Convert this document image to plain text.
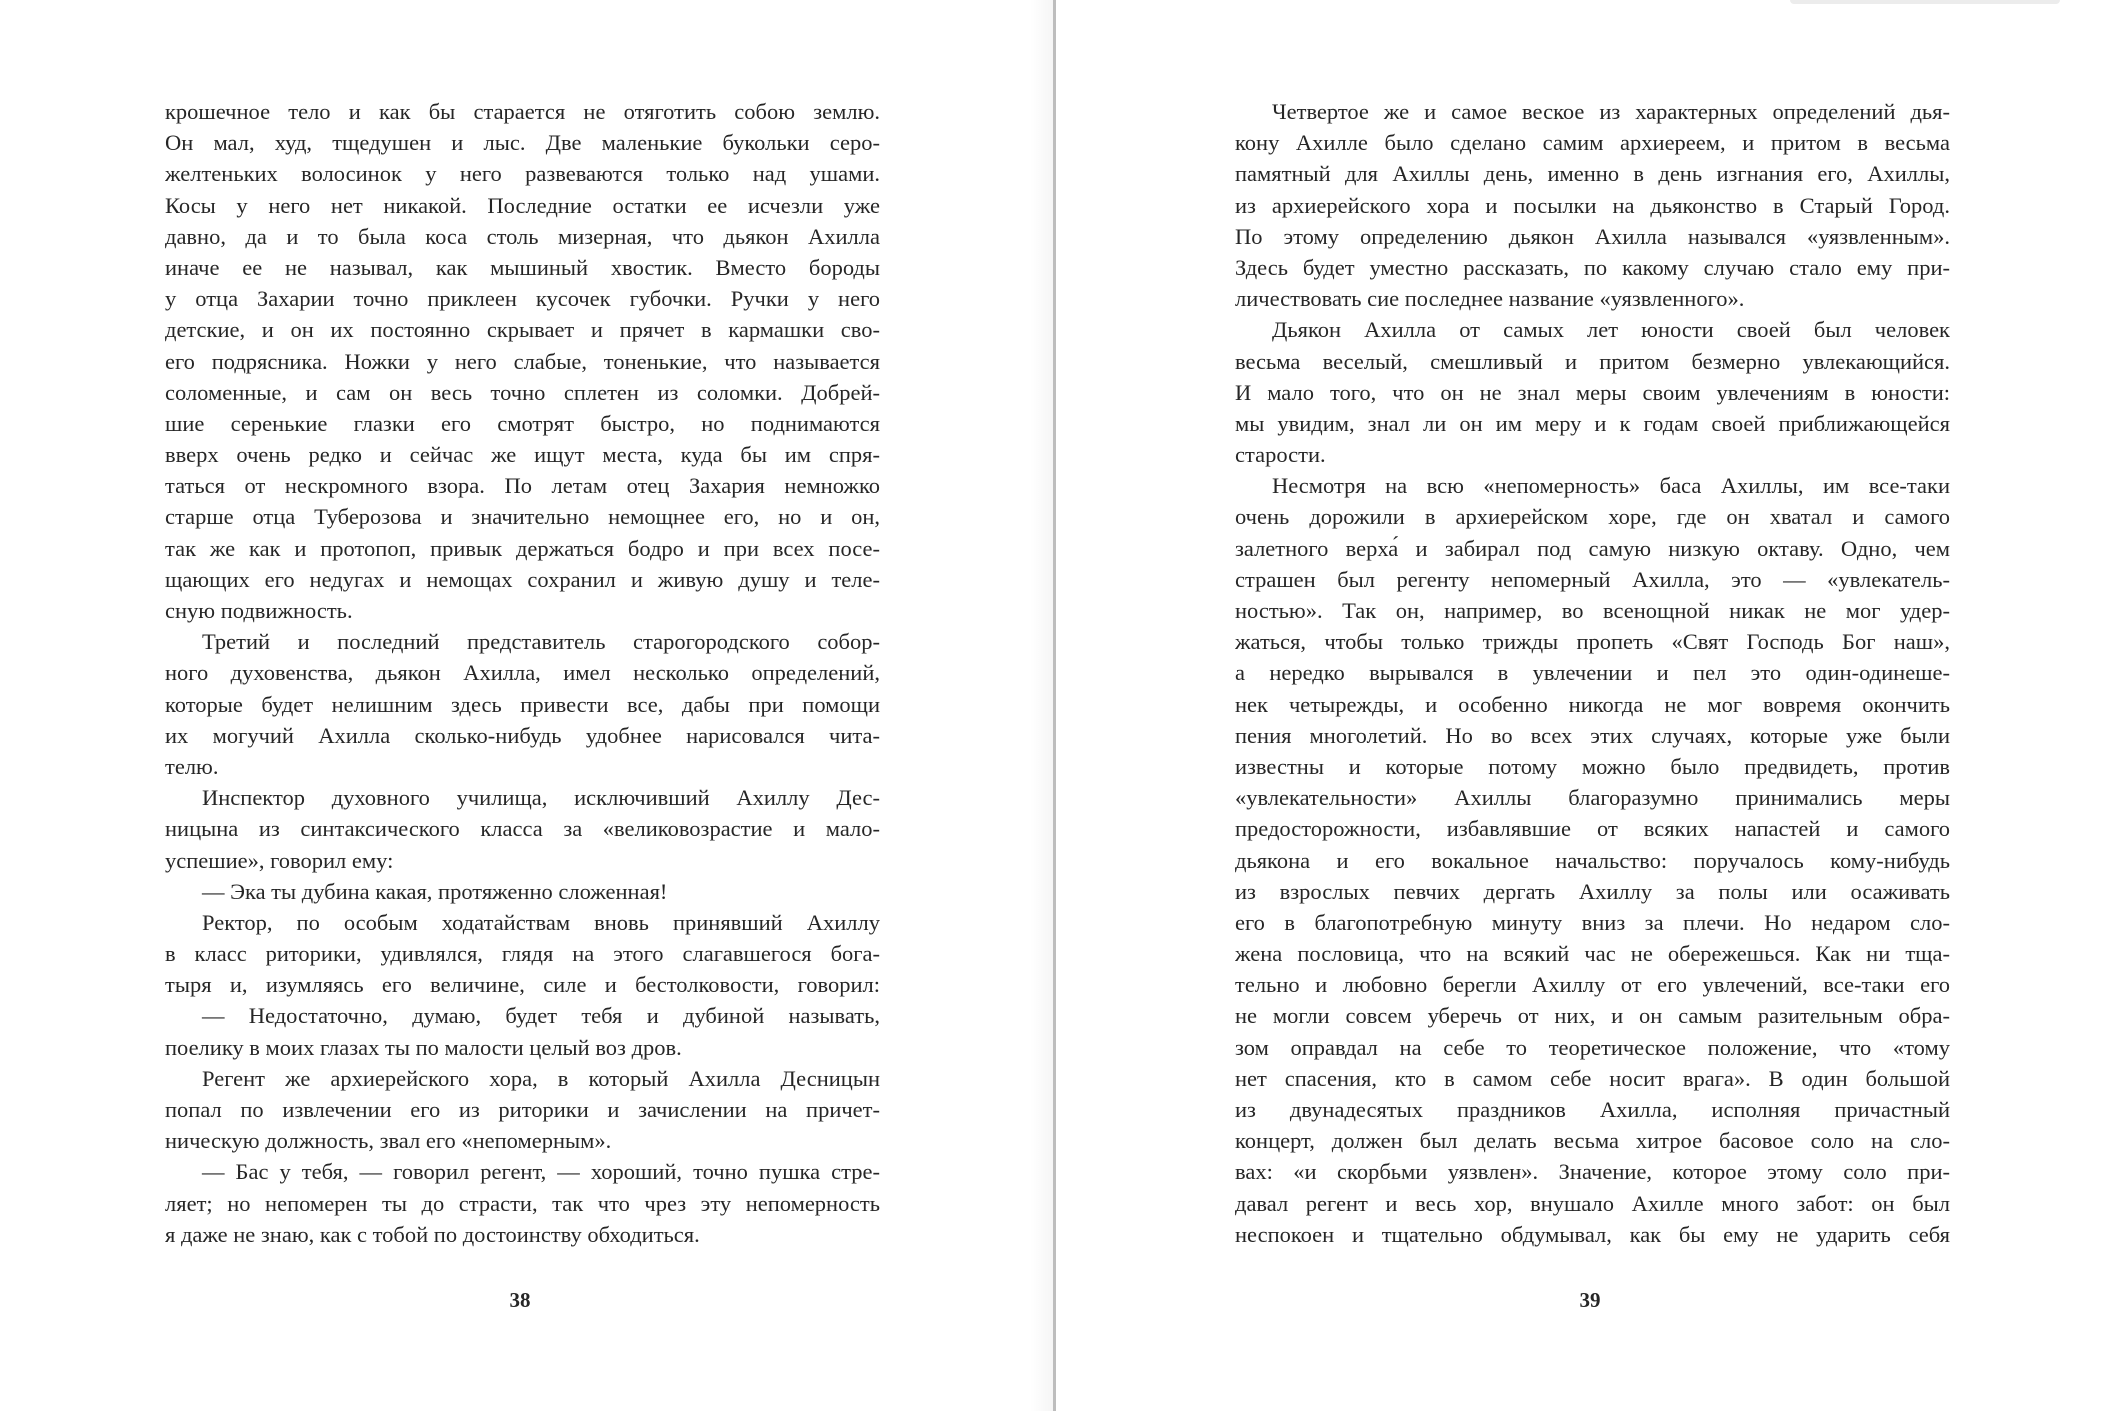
крошечное тело и как бы старается не отяготить собою землю.
Он мал, худ, тщедушен и лыс. Две маленькие букольки серо-
желтеньких волосинок у него развеваются только над ушами.
Косы у него нет никакой. Последние остатки ее исчезли уже
давно, да и то была коса столь мизерная, что дьякон Ахилла
иначе ее не называл, как мышиный хвостик. Вместо бороды
у отца Захарии точно приклеен кусочек губочки. Ручки у него
детские, и он их постоянно скрывает и прячет в кармашки сво-
его подрясника. Ножки у него слабые, тоненькие, что называется
соломенные, и сам он весь точно сплетен из соломки. Добрей-
шие серенькие глазки его смотрят быстро, но поднимаются
вверх очень редко и сейчас же ищут места, куда бы им спря-
таться от нескромного взора. По летам отец Захария немножко
старше отца Туберозова и значительно немощнее его, но и он,
так же как и протопоп, привык держаться бодро и при всех посе-
щающих его недугах и немощах сохранил и живую душу и теле-
сную подвижность.
Третий и последний представитель старогородского собор-
ного духовенства, дьякон Ахилла, имел несколько определений,
которые будет нелишним здесь привести все, дабы при помощи
их могучий Ахилла сколько-нибудь удобнее нарисовался чита-
телю.
Инспектор духовного училища, исключивший Ахиллу Дес-
ницына из синтаксического класса за «великовозрастие и мало-
успешие», говорил ему:
— Эка ты дубина какая, протяженно сложенная!
Ректор, по особым ходатайствам вновь принявший Ахиллу
в класс риторики, удивлялся, глядя на этого слагавшегося бога-
тыря и, изумляясь его величине, силе и бестолковости, говорил:
— Недостаточно, думаю, будет тебя и дубиной называть,
поелику в моих глазах ты по малости целый воз дров.
Регент же архиерейского хора, в который Ахилла Десницын
попал по извлечении его из риторики и зачислении на причет-
ническую должность, звал его «непомерным».
— Бас у тебя, — говорил регент, — хороший, точно пушка стре-
ляет; но непомерен ты до страсти, так что чрез эту непомерность
я даже не знаю, как с тобой по достоинству обходиться.
38
Четвертое же и самое веское из характерных определений дья-
кону Ахилле было сделано самим архиереем, и притом в весьма
памятный для Ахиллы день, именно в день изгнания его, Ахиллы,
из архиерейского хора и посылки на дьяконство в Старый Город.
По этому определению дьякон Ахилла назывался «уязвленным».
Здесь будет уместно рассказать, по какому случаю стало ему при-
личествовать сие последнее название «уязвленного».
Дьякон Ахилла от самых лет юности своей был человек
весьма веселый, смешливый и притом безмерно увлекающийся.
И мало того, что он не знал меры своим увлечениям в юности:
мы увидим, знал ли он им меру и к годам своей приближающейся
старости.
Несмотря на всю «непомерность» баса Ахиллы, им все-таки
очень дорожили в архиерейском хоре, где он хватал и самого
залетного верха́ и забирал под самую низкую октаву. Одно, чем
страшен был регенту непомерный Ахилла, это — «увлекатель-
ностью». Так он, например, во всенощной никак не мог удер-
жаться, чтобы только трижды пропеть «Свят Господь Бог наш»,
а нередко вырывался в увлечении и пел это один-одинешe-
нек четырежды, и особенно никогда не мог вовремя окончить
пения многолетий. Но во всех этих случаях, которые уже были
известны и которые потому можно было предвидеть, против
«увлекательности» Ахиллы благоразумно принимались меры
предосторожности, избавлявшие от всяких напастей и самого
дьякона и его вокальное начальство: поручалось кому-нибудь
из взрослых певчих дергать Ахиллу за полы или осаживать
его в благопотребную минуту вниз за плечи. Но недаром сло-
жена пословица, что на всякий час не обережешься. Как ни тща-
тельно и любовно берегли Ахиллу от его увлечений, все-таки его
не могли совсем уберечь от них, и он самым разительным обра-
зом оправдал на себе то теоретическое положение, что «тому
нет спасения, кто в самом себе носит врага». В один большой
из двунадесятых праздников Ахилла, исполняя причастный
концерт, должен был делать весьма хитрое басовое соло на сло-
вах: «и скорбьми уязвлен». Значение, которое этому соло при-
давал регент и весь хор, внушало Ахилле много забот: он был
неспокоен и тщательно обдумывал, как бы ему не ударить себя
39
